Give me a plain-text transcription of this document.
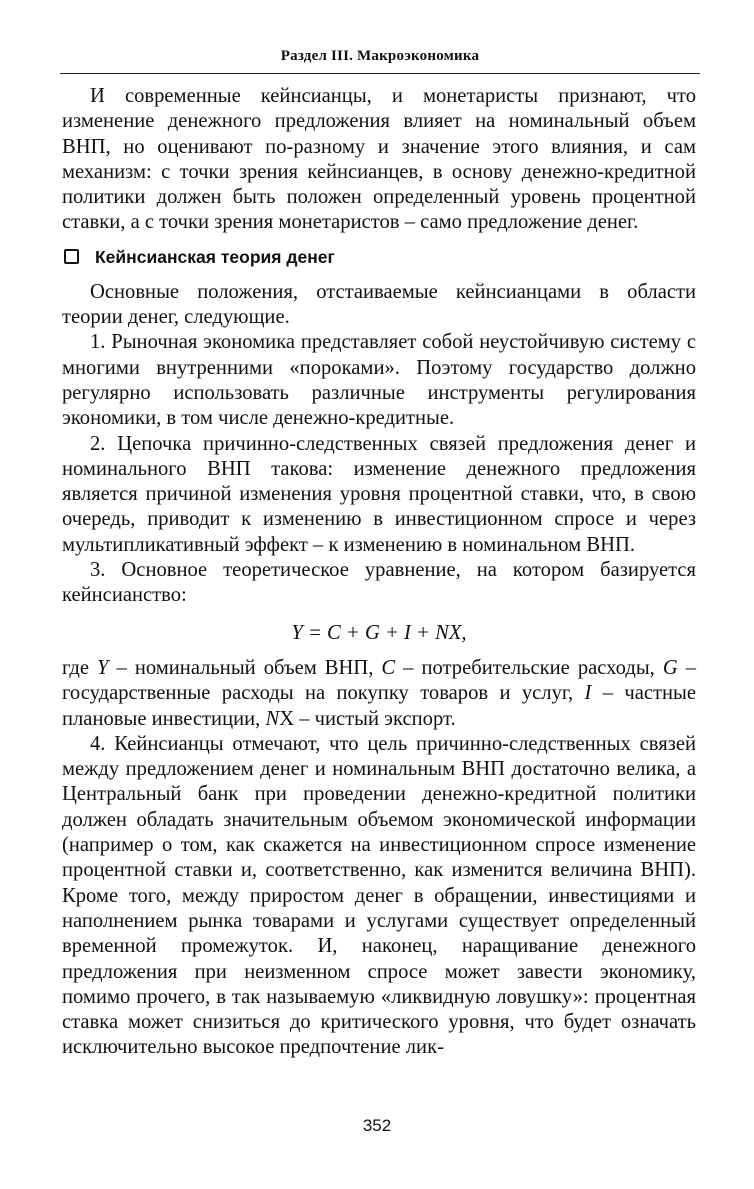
Раздел III. Макроэкономика

И современные кейнсианцы, и монетаристы признают, что изменение денежного предложения влияет на номинальный объем ВНП, но оценивают по-разному и значение этого влияния, и сам механизм: с точки зрения кейнсианцев, в основу денежно-кредитной политики должен быть положен определенный уровень процентной ставки, а с точки зрения монетаристов – само предложение денег.

Кейнсианская теория денег

Основные положения, отстаиваемые кейнсианцами в области теории денег, следующие.

1. Рыночная экономика представляет собой неустойчивую систему с многими внутренними «пороками». Поэтому государство должно регулярно использовать различные инструменты регулирования экономики, в том числе денежно-кредитные.

2. Цепочка причинно-следственных связей предложения денег и номинального ВНП такова: изменение денежного предложения является причиной изменения уровня процентной ставки, что, в свою очередь, приводит к изменению в инвестиционном спросе и через мультипликативный эффект – к изменению в номинальном ВНП.

3. Основное теоретическое уравнение, на котором базируется кейнсианство:

Y = C + G + I + NX,

где Y – номинальный объем ВНП, C – потребительские расходы, G – государственные расходы на покупку товаров и услуг, I – частные плановые инвестиции, NX – чистый экспорт.

4. Кейнсианцы отмечают, что цель причинно-следственных связей между предложением денег и номинальным ВНП достаточно велика, а Центральный банк при проведении денежно-кредитной политики должен обладать значительным объемом экономической информации (например о том, как скажется на инвестиционном спросе изменение процентной ставки и, соответственно, как изменится величина ВНП). Кроме того, между приростом денег в обращении, инвестициями и наполнением рынка товарами и услугами существует определенный временной промежуток. И, наконец, наращивание денежного предложения при неизменном спросе может завести экономику, помимо прочего, в так называемую «ликвидную ловушку»: процентная ставка может снизиться до критического уровня, что будет означать исключительно высокое предпочтение лик-

352
